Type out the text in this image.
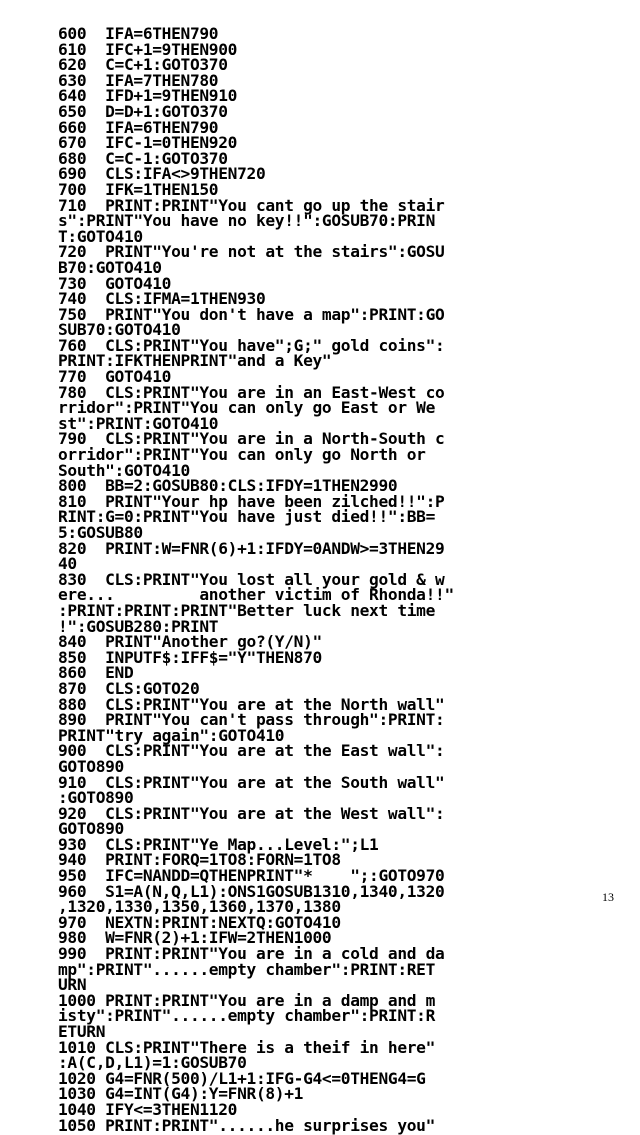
600  IFA=6THEN790
610  IFC+1=9THEN900
620  C=C+1:GOTO370
630  IFA=7THEN780
640  IFD+1=9THEN910
650  D=D+1:GOTO370
660  IFA=6THEN790
670  IFC-1=0THEN920
680  C=C-1:GOTO370
690  CLS:IFA<>9THEN720
700  IFK=1THEN150
710  PRINT:PRINT"You cant go up the stair
s":PRINT"You have no key!!":GOSUB70:PRIN
T:GOTO410
720  PRINT"You're not at the stairs":GOSU
B70:GOTO410
730  GOTO410
740  CLS:IFMA=1THEN930
750  PRINT"You don't have a map":PRINT:GO
SUB70:GOTO410
760  CLS:PRINT"You have";G;" gold coins":
PRINT:IFKTHENPRINT"and a Key"
770  GOTO410
780  CLS:PRINT"You are in an East-West co
rridor":PRINT"You can only go East or We
st":PRINT:GOTO410
790  CLS:PRINT"You are in a North-South c
orridor":PRINT"You can only go North or
South":GOTO410
800  BB=2:GOSUB80:CLS:IFDY=1THEN2990
810  PRINT"Your hp have been zilched!!":P
RINT:G=0:PRINT"You have just died!!":BB=
5:GOSUB80
820  PRINT:W=FNR(6)+1:IFDY=0ANDW>=3THEN29
40
830  CLS:PRINT"You lost all your gold & w
ere...         another victim of Rhonda!!"
:PRINT:PRINT:PRINT"Better luck next time
!":GOSUB280:PRINT
840  PRINT"Another go?(Y/N)"
850  INPUTF$:IFF$="Y"THEN870
860  END
870  CLS:GOTO20
880  CLS:PRINT"You are at the North wall"
890  PRINT"You can't pass through":PRINT:
PRINT"try again":GOTO410
900  CLS:PRINT"You are at the East wall":
GOTO890
910  CLS:PRINT"You are at the South wall"
:GOTO890
920  CLS:PRINT"You are at the West wall":
GOTO890
930  CLS:PRINT"Ye Map...Level:";L1
940  PRINT:FORQ=1TO8:FORN=1TO8
950  IFC=NANDD=QTHENPRINT"*    ";:GOTO970
960  S1=A(N,Q,L1):ONS1GOSUB1310,1340,1320
,1320,1330,1350,1360,1370,1380
970  NEXTN:PRINT:NEXTQ:GOTO410
980  W=FNR(2)+1:IFW=2THEN1000
990  PRINT:PRINT"You are in a cold and da
mp":PRINT"......empty chamber":PRINT:RET
URN
1000 PRINT:PRINT"You are in a damp and m
isty":PRINT"......empty chamber":PRINT:R
ETURN
1010 CLS:PRINT"There is a theif in here"
:A(C,D,L1)=1:GOSUB70
1020 G4=FNR(500)/L1+1:IFG-G4<=0THENG4=G
1030 G4=INT(G4):Y=FNR(8)+1
1040 IFY<=3THEN1120
1050 PRINT:PRINT"......he surprises you"
13
